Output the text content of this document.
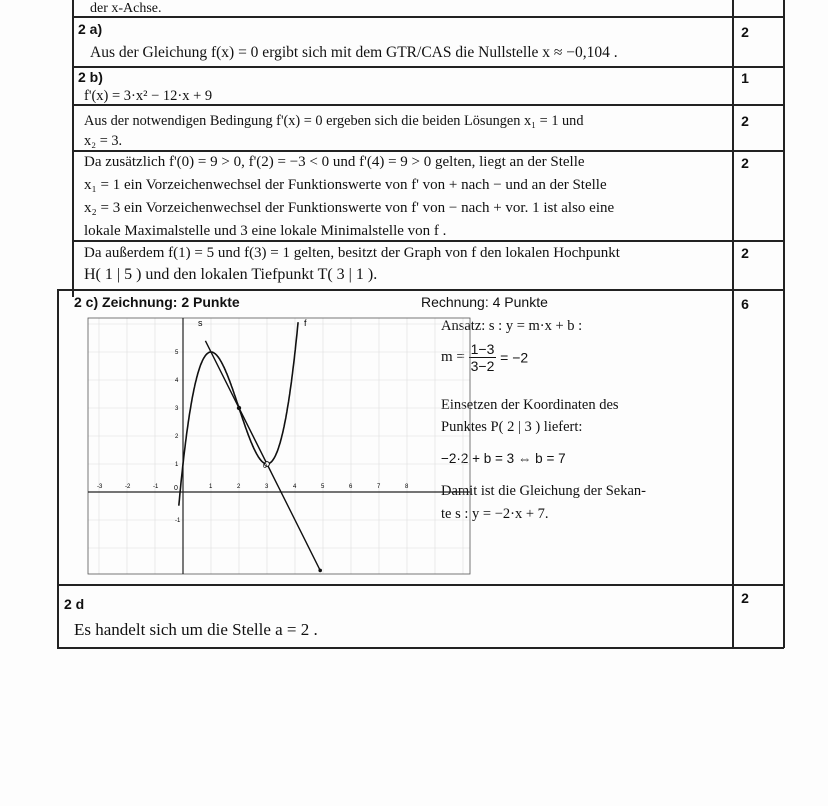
der x-Achse.
2 a)	2
Aus der Gleichung f(x) = 0 ergibt sich mit dem GTR/CAS die Nullstelle x ≈ −0,104 .
2 b)	1
f'(x) = 3·x² − 12·x + 9
Aus der notwendigen Bedingung f'(x) = 0 ergeben sich die beiden Lösungen x₁ = 1 und
x₂ = 3.
2
Da zusätzlich f'(0) = 9 > 0, f'(2) = −3 < 0 und f'(4) = 9 > 0 gelten, liegt an der Stelle
x₁ = 1 ein Vorzeichenwechsel der Funktionswerte von f' von + nach − und an der Stelle
x₂ = 3 ein Vorzeichenwechsel der Funktionswerte von f' von − nach + vor. 1 ist also eine
lokale Maximalstelle und 3 eine lokale Minimalstelle von f .
2
Da außerdem f(1) = 5 und f(3) = 1 gelten, besitzt der Graph von f den lokalen Hochpunkt
H( 1 | 5 ) und den lokalen Tiefpunkt T( 3 | 1 ).
2
2 c) Zeichnung: 2 Punkte	Rechnung: 4 Punkte	6
Ansatz: s : y = m·x + b :
$m = \frac{1-3}{3-2} = -2$
Einsetzen der Koordinaten des
Punktes P( 2 | 3 ) liefert:
−2·2 + b = 3 ⇔ b = 7
Damit ist die Gleichung der Sekan-
te s : y = −2·x + 7.
f
s
0
0
-3	-2	-1	1	2	3	4	5	6	7	8
1
2
3
4
5
-1
2 d	2
Es handelt sich um die Stelle a = 2 .
